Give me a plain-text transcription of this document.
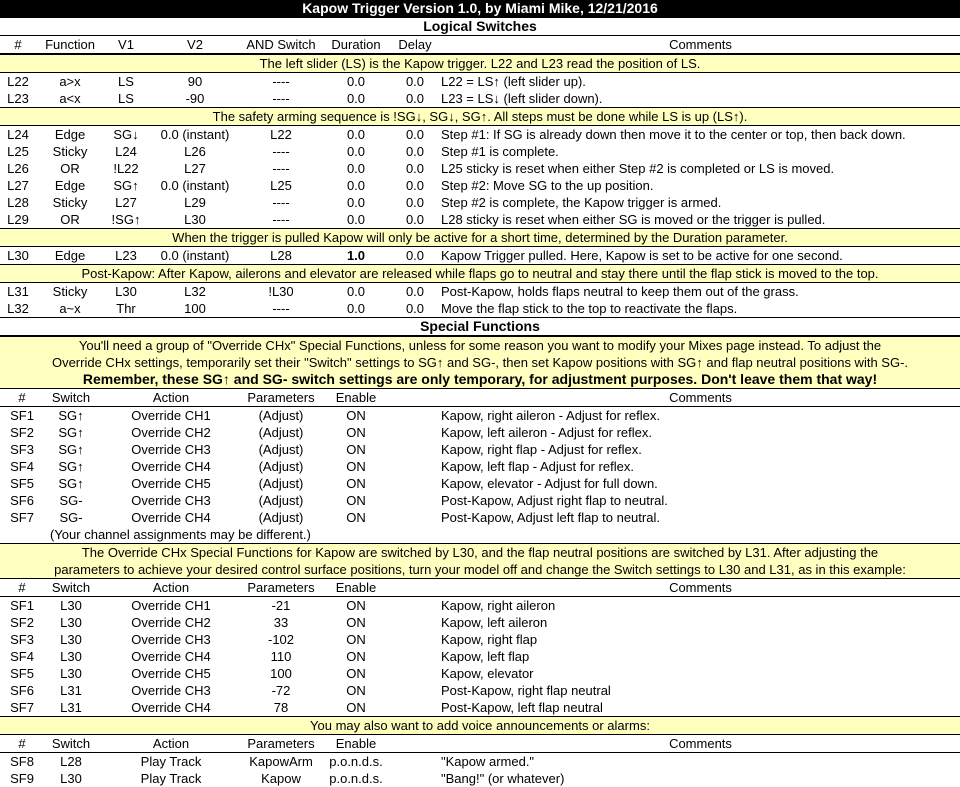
Kapow Trigger Version 1.0, by Miami Mike, 12/21/2016
Logical Switches
#	Function	V1	V2	AND Switch	Duration	Delay	Comments
The left slider (LS) is the Kapow trigger. L22 and L23 read the position of LS.
L22	a>x	LS	90	----	0.0	0.0	L22 = LS↑ (left slider up).
L23	a<x	LS	-90	----	0.0	0.0	L23 = LS↓ (left slider down).
The safety arming sequence is !SG↓, SG↓, SG↑. All steps must be done while LS is up (LS↑).
L24	Edge	SG↓	0.0 (instant)	L22	0.0	0.0	Step #1: If SG is already down then move it to the center or top, then back down.
L25	Sticky	L24	L26	----	0.0	0.0	Step #1 is complete.
L26	OR	!L22	L27	----	0.0	0.0	L25 sticky is reset when either Step #2 is completed or LS is moved.
L27	Edge	SG↑	0.0 (instant)	L25	0.0	0.0	Step #2: Move SG to the up position.
L28	Sticky	L27	L29	----	0.0	0.0	Step #2 is complete, the Kapow trigger is armed.
L29	OR	!SG↑	L30	----	0.0	0.0	L28 sticky is reset when either SG is moved or the trigger is pulled.
When the trigger is pulled Kapow will only be active for a short time, determined by the Duration parameter.
L30	Edge	L23	0.0 (instant)	L28	1.0	0.0	Kapow Trigger pulled. Here, Kapow is set to be active for one second.
Post-Kapow: After Kapow, ailerons and elevator are released while flaps go to neutral and stay there until the flap stick is moved to the top.
L31	Sticky	L30	L32	!L30	0.0	0.0	Post-Kapow, holds flaps neutral to keep them out of the grass.
L32	a~x	Thr	100	----	0.0	0.0	Move the flap stick to the top to reactivate the flaps.
Special Functions
You'll need a group of "Override CHx" Special Functions, unless for some reason you want to modify your Mixes page instead. To adjust the
Override CHx settings, temporarily set their "Switch" settings to SG↑ and SG-, then set Kapow positions with SG↑ and flap neutral positions with SG-.
Remember, these SG↑ and SG- switch settings are only temporary, for adjustment purposes. Don't leave them that way!
#	Switch	Action	Parameters	Enable	Comments
SF1	SG↑	Override CH1	(Adjust)	ON	Kapow, right aileron - Adjust for reflex.
SF2	SG↑	Override CH2	(Adjust)	ON	Kapow, left aileron - Adjust for reflex.
SF3	SG↑	Override CH3	(Adjust)	ON	Kapow, right flap - Adjust for reflex.
SF4	SG↑	Override CH4	(Adjust)	ON	Kapow, left flap - Adjust for reflex.
SF5	SG↑	Override CH5	(Adjust)	ON	Kapow, elevator - Adjust for full down.
SF6	SG-	Override CH3	(Adjust)	ON	Post-Kapow, Adjust right flap to neutral.
SF7	SG-	Override CH4	(Adjust)	ON	Post-Kapow, Adjust left flap to neutral.
(Your channel assignments may be different.)
The Override CHx Special Functions for Kapow are switched by L30, and the flap neutral positions are switched by L31. After adjusting the
parameters to achieve your desired control surface positions, turn your model off and change the Switch settings to L30 and L31, as in this example:
#	Switch	Action	Parameters	Enable	Comments
SF1	L30	Override CH1	-21	ON	Kapow, right aileron
SF2	L30	Override CH2	33	ON	Kapow, left aileron
SF3	L30	Override CH3	-102	ON	Kapow, right flap
SF4	L30	Override CH4	110	ON	Kapow, left flap
SF5	L30	Override CH5	100	ON	Kapow, elevator
SF6	L31	Override CH3	-72	ON	Post-Kapow, right flap neutral
SF7	L31	Override CH4	78	ON	Post-Kapow, left flap neutral
You may also want to add voice announcements or alarms:
#	Switch	Action	Parameters	Enable	Comments
SF8	L28	Play Track	KapowArm	p.o.n.d.s.	"Kapow armed."
SF9	L30	Play Track	Kapow	p.o.n.d.s.	"Bang!" (or whatever)
